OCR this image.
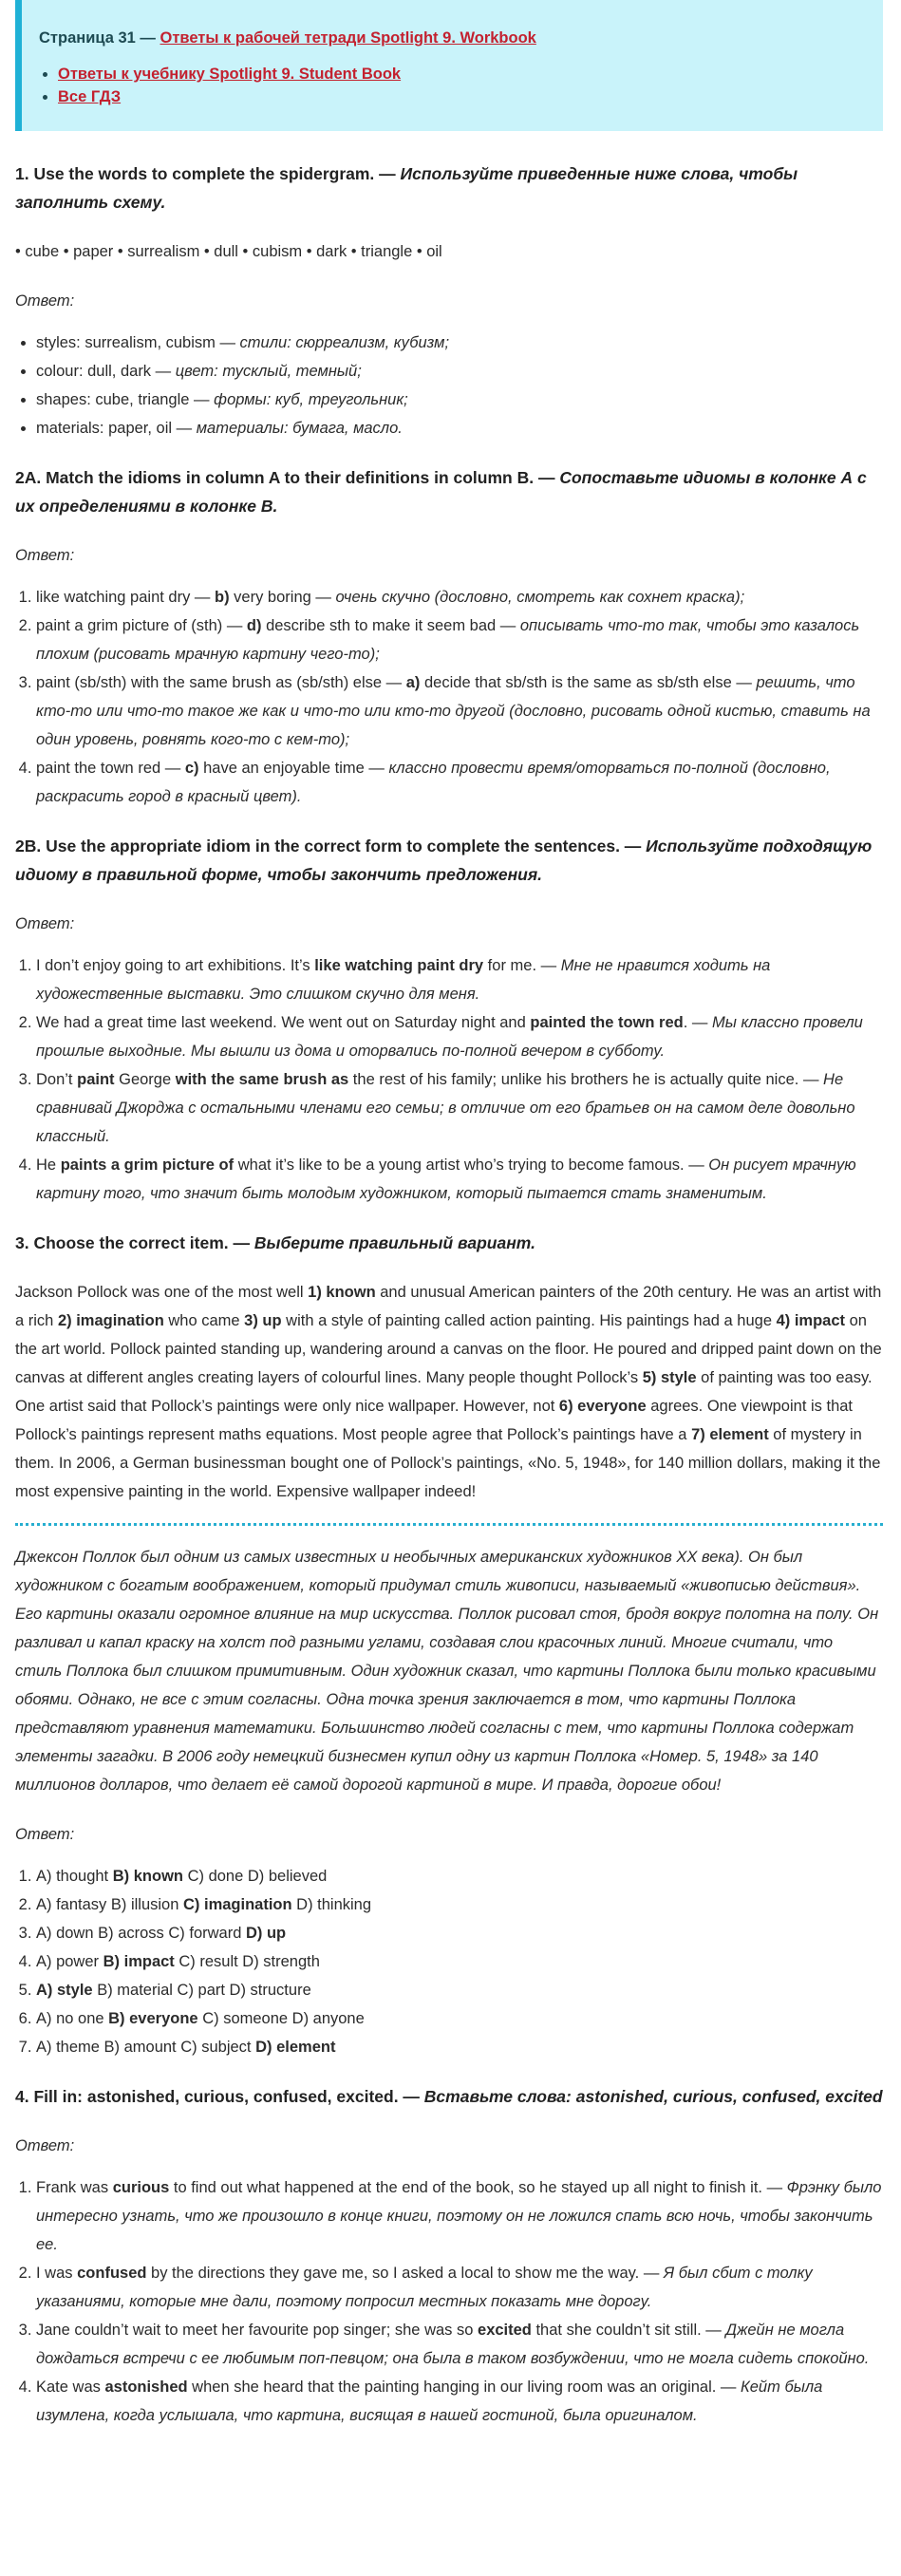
Страница 31 — Ответы к рабочей тетради Spotlight 9. Workbook
• Ответы к учебнику Spotlight 9. Student Book
• Все ГДЗ
1. Use the words to complete the spidergram. — Используйте приведенные ниже слова, чтобы заполнить схему.
• cube • paper • surrealism • dull • cubism • dark • triangle • oil
Ответ:
• styles: surrealism, cubism — стили: сюрреализм, кубизм;
• colour: dull, dark — цвет: тусклый, темный;
• shapes: cube, triangle — формы: куб, треугольник;
• materials: paper, oil — материалы: бумага, масло.
2A. Match the idioms in column A to their definitions in column B. — Сопоставьте идиомы в колонке А с их определениями в колонке В.
Ответ:
1. like watching paint dry — b) very boring — очень скучно (дословно, смотреть как сохнет краска);
2. paint a grim picture of (sth) — d) describe sth to make it seem bad — описывать что-то так, чтобы это казалось плохим (рисовать мрачную картину чего-то);
3. paint (sb/sth) with the same brush as (sb/sth) else — a) decide that sb/sth is the same as sb/sth else — решить, что кто-то или что-то такое же как и что-то или кто-то другой (дословно, рисовать одной кистью, ставить на один уровень, ровнять кого-то с кем-то);
4. paint the town red — c) have an enjoyable time — классно провести время/оторваться по-полной (дословно, раскрасить город в красный цвет).
2B. Use the appropriate idiom in the correct form to complete the sentences. — Используйте подходящую идиому в правильной форме, чтобы закончить предложения.
Ответ:
1. I don’t enjoy going to art exhibitions. It’s like watching paint dry for me. — Мне не нравится ходить на художественные выставки. Это слишком скучно для меня.
2. We had a great time last weekend. We went out on Saturday night and painted the town red. — Мы классно провели прошлые выходные. Мы вышли из дома и оторвались по-полной вечером в субботу.
3. Don’t paint George with the same brush as the rest of his family; unlike his brothers he is actually quite nice. — Не сравнивай Джорджа с остальными членами его семьи; в отличие от его братьев он на самом деле довольно классный.
4. He paints a grim picture of what it’s like to be a young artist who’s trying to become famous. — Он рисует мрачную картину того, что значит быть молодым художником, который пытается стать знаменитым.
3. Choose the correct item. — Выберите правильный вариант.

Jackson Pollock was one of the most well 1) known and unusual American painters of the 20th century. He was an artist with a rich 2) imagination who came 3) up with a style of painting called action painting. His paintings had a huge 4) impact on the art world. Pollock painted standing up, wandering around a canvas on the floor. He poured and dripped paint down on the canvas at different angles creating layers of colourful lines. Many people thought Pollock’s 5) style of painting was too easy. One artist said that Pollock’s paintings were only nice wallpaper. However, not 6) everyone agrees. One viewpoint is that Pollock’s paintings represent maths equations. Most people agree that Pollock’s paintings have a 7) element of mystery in them. In 2006, a German businessman bought one of Pollock’s paintings, «No. 5, 1948», for 140 million dollars, making it the most expensive painting in the world. Expensive wallpaper indeed!

Джексон Поллок был одним из самых известных и необычных американских художников XX века). Он был художником с богатым воображением, который придумал стиль живописи, называемый «живописью действия». Его картины оказали огромное влияние на мир искусства. Поллок рисовал стоя, бродя вокруг полотна на полу. Он разливал и капал краску на холст под разными углами, создавая слои красочных линий. Многие считали, что стиль Поллока был слишком примитивным. Один художник сказал, что картины Поллока были только красивыми обоями. Однако, не все с этим согласны. Одна точка зрения заключается в том, что картины Поллока представляют уравнения математики. Большинство людей согласны с тем, что картины Поллока содержат элементы загадки. В 2006 году немецкий бизнесмен купил одну из картин Поллока «Номер. 5, 1948» за 140 миллионов долларов, что делает её самой дорогой картиной в мире. И правда, дорогие обои!

Ответ:
1. A) thought B) known C) done D) believed
2. A) fantasy B) illusion C) imagination D) thinking
3. A) down B) across C) forward D) up
4. A) power B) impact C) result D) strength
5. A) style B) material C) part D) structure
6. A) no one B) everyone C) someone D) anyone
7. A) theme B) amount C) subject D) element
4. Fill in: astonished, curious, confused, excited. — Вставьте слова: astonished, curious, confused, excited
Ответ:
1. Frank was curious to find out what happened at the end of the book, so he stayed up all night to finish it. — Фрэнку было интересно узнать, что же произошло в конце книги, поэтому он не ложился спать всю ночь, чтобы закончить ее.
2. I was confused by the directions they gave me, so I asked a local to show me the way. — Я был сбит с толку указаниями, которые мне дали, поэтому попросил местных показать мне дорогу.
3. Jane couldn’t wait to meet her favourite pop singer; she was so excited that she couldn’t sit still. — Джейн не могла дождаться встречи с ее любимым поп-певцом; она была в таком возбуждении, что не могла сидеть спокойно.
4. Kate was astonished when she heard that the painting hanging in our living room was an original. — Кейт была изумлена, когда услышала, что картина, висящая в нашей гостиной, была оригиналом.
